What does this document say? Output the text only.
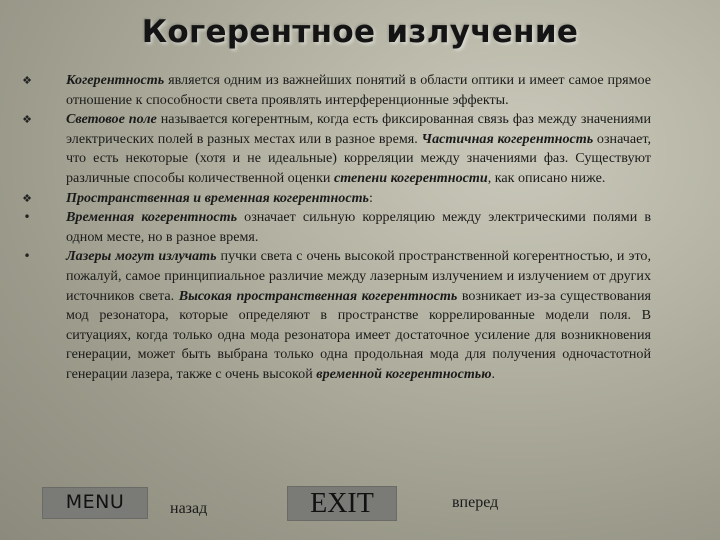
Когерентное излучение

❖ Когерентность является одним из важнейших понятий в области оптики и имеет самое прямое отношение к способности света проявлять интерференционные эффекты.

❖ Световое поле называется когерентным, когда есть фиксированная связь фаз между значениями электрических полей в разных местах или в разное время. Частичная когерентность означает, что есть некоторые (хотя и не идеальные) корреляции между значениями фаз. Существуют различные способы количественной оценки степени когерентности, как описано ниже.

❖ Пространственная и временная когерентность:

•	Временная когерентность означает сильную корреляцию между электрическими полями в одном месте, но в разное время.

•	Лазеры могут излучать пучки света с очень высокой пространственной когерентностью, и это, пожалуй, самое принципиальное различие между лазерным излучением и излучением от других источников света. Высокая пространственная когерентность возникает из-за существования мод резонатора, которые определяют в пространстве коррелированные модели поля. В ситуациях, когда только одна мода резонатора имеет достаточное усиление для возникновения генерации, может быть выбрана только одна продольная мода для получения одночастотной генерации лазера, также с очень высокой временной когерентностью.

MENU	назад	EXIT	вперед
